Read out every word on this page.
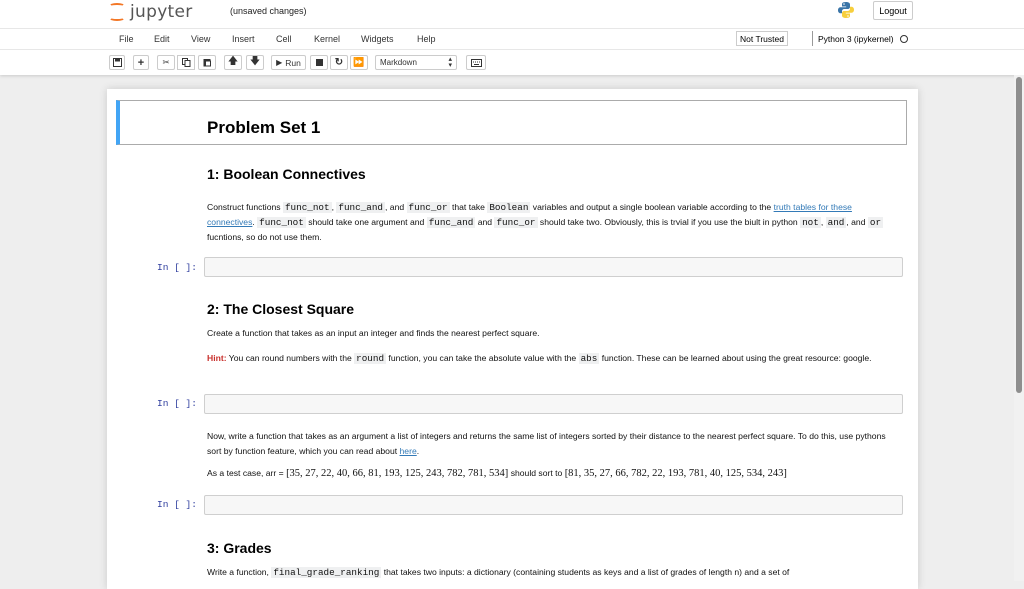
jupyter	(unsaved changes)	Logout
File Edit View Insert Cell Kernel Widgets	Help	Not Trusted	Python 3 (ipykernel)
+ ✂	🡅 🡇 ▶ Run	↻ ⏩ Markdown	▴
▾
Problem Set 1
1: Boolean Connectives
Construct functions func_not , func_and , and func_or that take Boolean variables and output a single boolean variable according to the truth tables for these connectives. func_not should take one argument and func_and and func_or should take two. Obviously, this is trvial if you use the biult in python not , and , and or fucntions, so do not use them.
In [ ]:
2: The Closest Square
Create a function that takes as an input an integer and finds the nearest perfect square.
Hint: You can round numbers with the round function, you can take the absolute value with the abs function. These can be learned about using the great resource: google.
In [ ]:
Now, write a function that takes as an argument a list of integers and returns the same list of integers sorted by their distance to the nearest perfect square. To do this, use pythons sort by function feature, which you can read about here.
As a test case, arr = [35, 27, 22, 40, 66, 81, 193, 125, 243, 782, 781, 534] should sort to [81, 35, 27, 66, 782, 22, 193, 781, 40, 125, 534, 243]
In [ ]:
3: Grades
Write a function, final_grade_ranking that takes two inputs: a dictionary (containing students as keys and a list of grades of length n) and a set of
